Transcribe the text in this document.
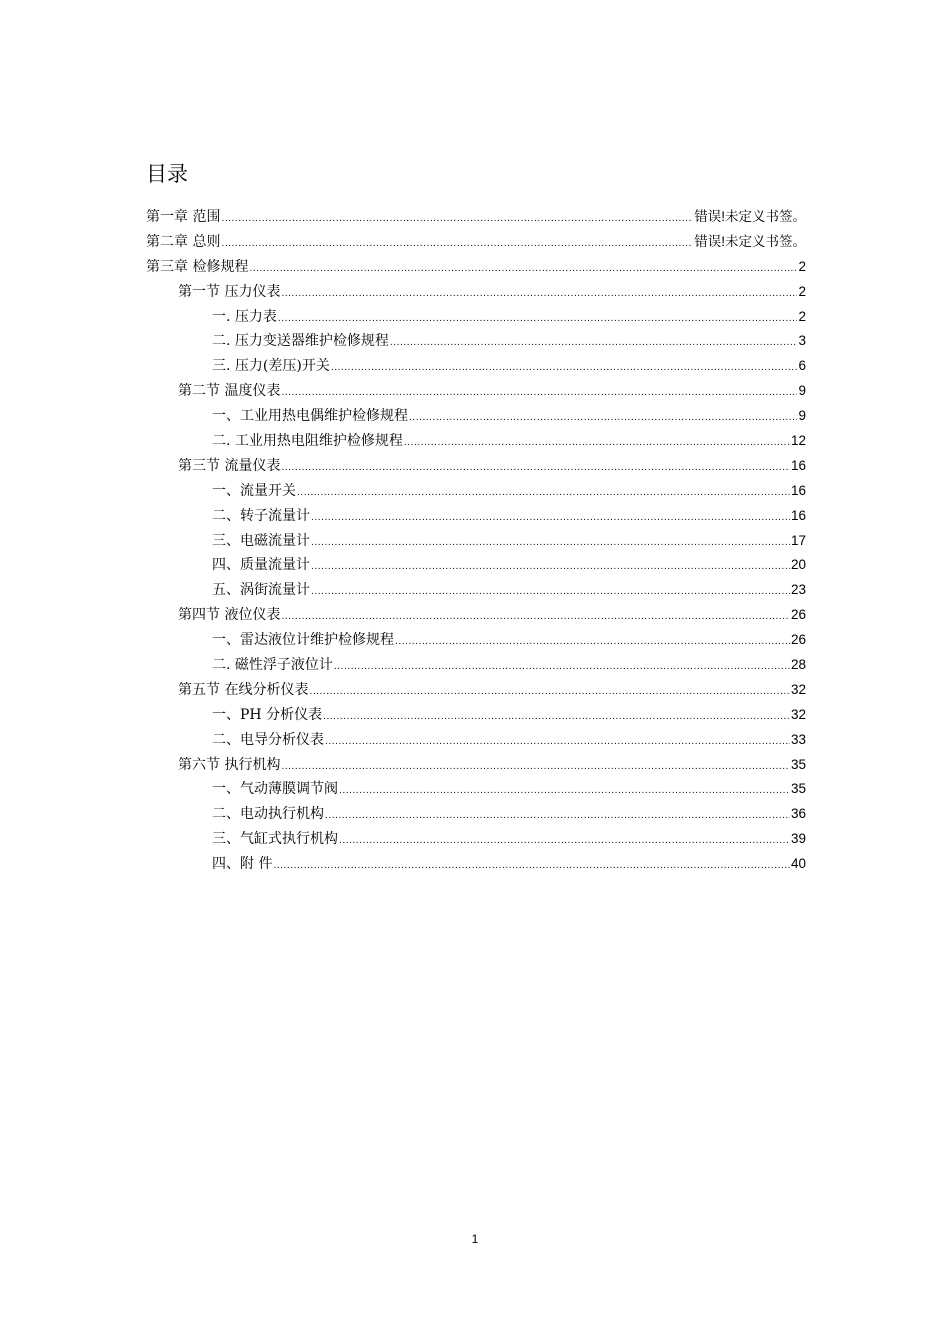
目录
第一章 范围 .....	错误!未定义书签。
第二章 总则 .....	错误!未定义书签。
第三章 检修规程 .....	2
第一节 压力仪表 .....	2
一. 压力表 .....	2
二. 压力变送器维护检修规程 .....	3
三. 压力(差压)开关 .....	6
第二节 温度仪表 .....	9
一、工业用热电偶维护检修规程 .....	9
二. 工业用热电阻维护检修规程 .....	12
第三节 流量仪表 .....	16
一、流量开关 .....	16
二、转子流量计 .....	16
三、电磁流量计 .....	17
四、质量流量计 .....	20
五、涡街流量计 .....	23
第四节 液位仪表 .....	26
一、雷达液位计维护检修规程 .....	26
二. 磁性浮子液位计 .....	28
第五节 在线分析仪表 .....	32
一、PH 分析仪表 .....	32
二、电导分析仪表 .....	33
第六节 执行机构 .....	35
一、气动薄膜调节阀 .....	35
二、电动执行机构 .....	36
三、气缸式执行机构 .....	39
四、附 件 .....	40
1
